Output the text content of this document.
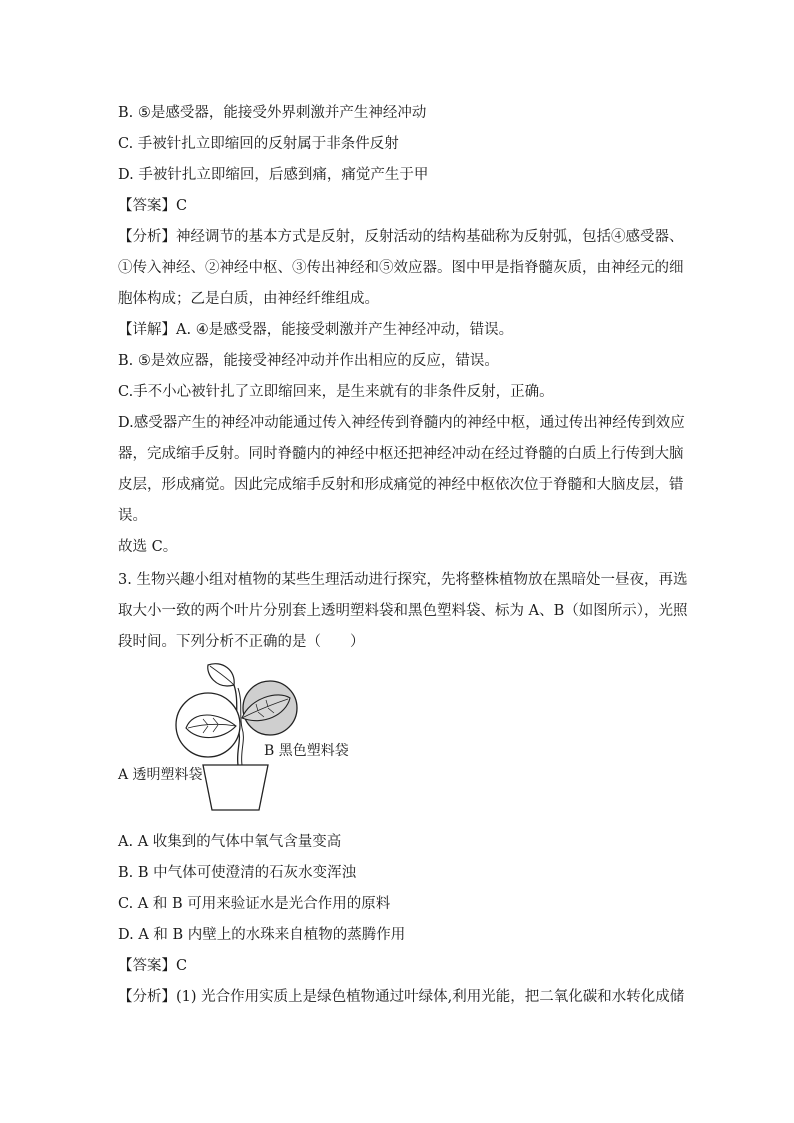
B. ⑤是感受器，能接受外界刺激并产生神经冲动
C. 手被针扎立即缩回的反射属于非条件反射
D. 手被针扎立即缩回，后感到痛，痛觉产生于甲
【答案】C
【分析】神经调节的基本方式是反射，反射活动的结构基础称为反射弧，包括④感受器、
①传入神经、②神经中枢、③传出神经和⑤效应器。图中甲是指脊髓灰质，由神经元的细
胞体构成；乙是白质，由神经纤维组成。
【详解】A. ④是感受器，能接受刺激并产生神经冲动，错误。
B. ⑤是效应器，能接受神经冲动并作出相应的反应，错误。
C.手不小心被针扎了立即缩回来，是生来就有的非条件反射，正确。
D.感受器产生的神经冲动能通过传入神经传到脊髓内的神经中枢，通过传出神经传到效应
器，完成缩手反射。同时脊髓内的神经中枢还把神经冲动在经过脊髓的白质上行传到大脑
皮层，形成痛觉。因此完成缩手反射和形成痛觉的神经中枢依次位于脊髓和大脑皮层，错
误。
故选 C。
3. 生物兴趣小组对植物的某些生理活动进行探究，先将整株植物放在黑暗处一昼夜，再选
取大小一致的两个叶片分别套上透明塑料袋和黑色塑料袋、标为 A、B（如图所示），光照
段时间。下列分析不正确的是（　　）
B 黑色塑料袋
A 透明塑料袋
A. A 收集到的气体中氧气含量变高
B. B 中气体可使澄清的石灰水变浑浊
C. A 和 B 可用来验证水是光合作用的原料
D. A 和 B 内壁上的水珠来自植物的蒸腾作用
【答案】C
【分析】(1) 光合作用实质上是绿色植物通过叶绿体,利用光能，把二氧化碳和水转化成储
